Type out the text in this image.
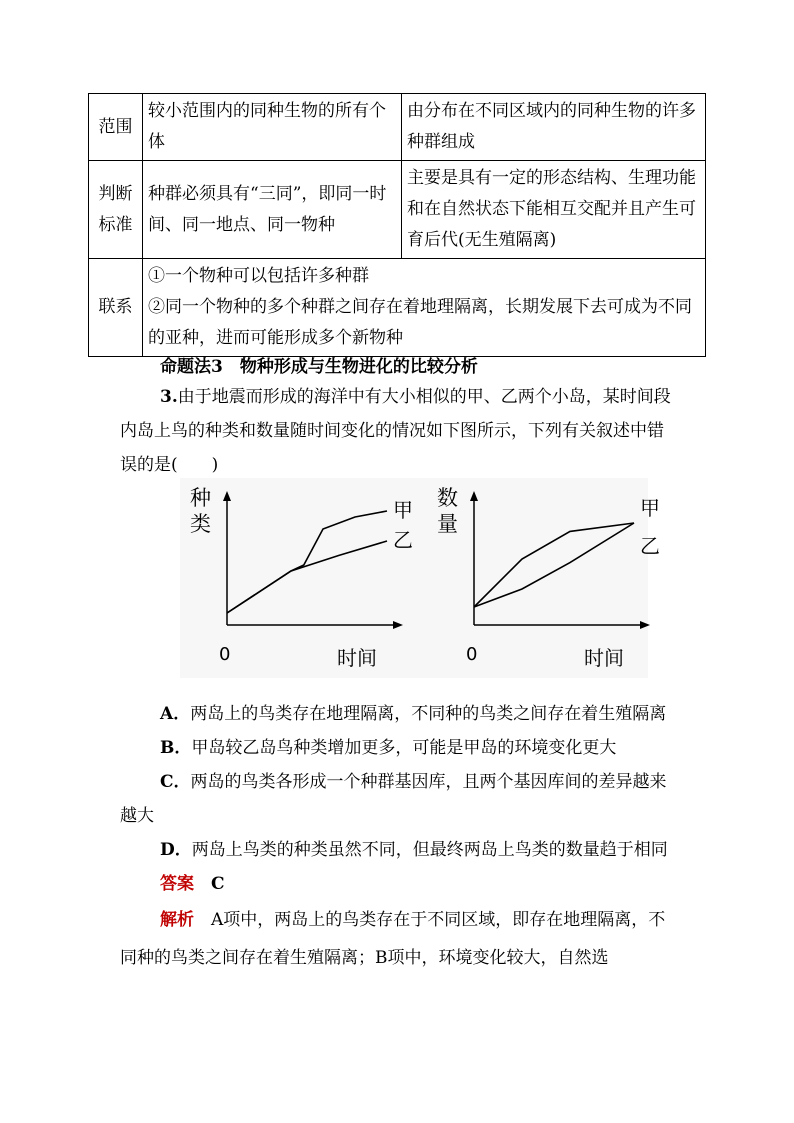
范围	较小范围内的同种生物的所有个体	由分布在不同区域内的同种生物的许多种群组成
判断标准	种群必须具有“三同”，即同一时间、同一地点、同一物种	主要是具有一定的形态结构、生理功能和在自然状态下能相互交配并且产生可育后代(无生殖隔离)
联系	①一个物种可以包括许多种群
②同一个物种的多个种群之间存在着地理隔离，长期发展下去可成为不同的亚种，进而可能形成多个新物种	
命题法3　物种形成与生物进化的比较分析

3.由于地震而形成的海洋中有大小相似的甲、乙两个小岛，某时间段内岛上鸟的种类和数量随时间变化的情况如下图所示，下列有关叙述中错误的是(　　)

种
类
0	时间
甲
乙
数
量
0	时间
甲
乙

A．两岛上的鸟类存在地理隔离，不同种的鸟类之间存在着生殖隔离

B．甲岛较乙岛鸟种类增加更多，可能是甲岛的环境变化更大

C．两岛的鸟类各形成一个种群基因库，且两个基因库间的差异越来越大

D．两岛上鸟类的种类虽然不同，但最终两岛上鸟类的数量趋于相同

答案　 C

解析　 A项中，两岛上的鸟类存在于不同区域，即存在地理隔离，不同种的鸟类之间存在着生殖隔离；B项中，环境变化较大，自然选
